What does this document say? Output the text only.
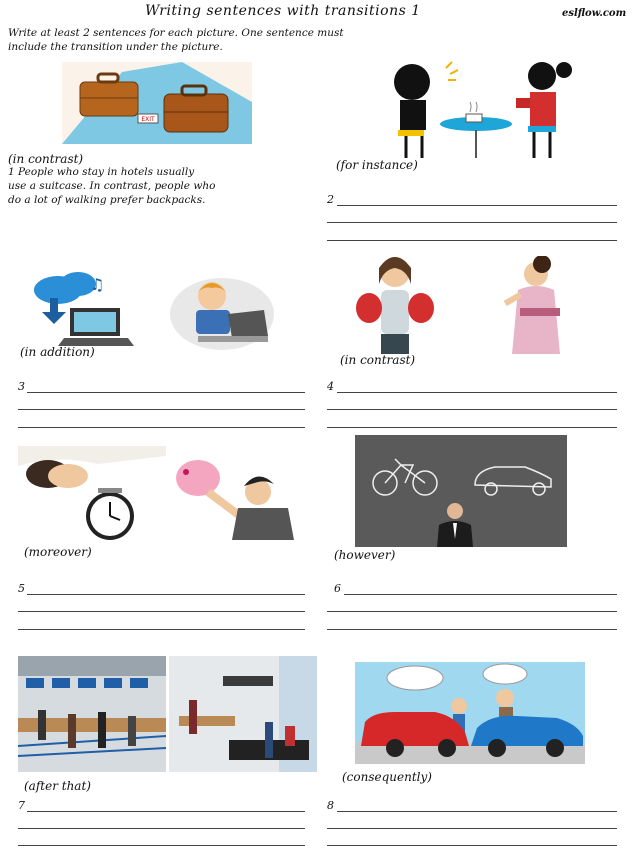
Writing sentences with transitions 1	eslflow.com
Write at least 2 sentences for each picture. One sentence must
include the transition under the picture.
EXIT
(in contrast)
1 People who stay in hotels usually
use a suitcase. In contrast, people who
do a lot of walking prefer backpacks.
(for instance)
2
♫
(in addition)
(in contrast)
3	4
(moreover)	(however)
5	6
(after that)
(consequently)
7	8
